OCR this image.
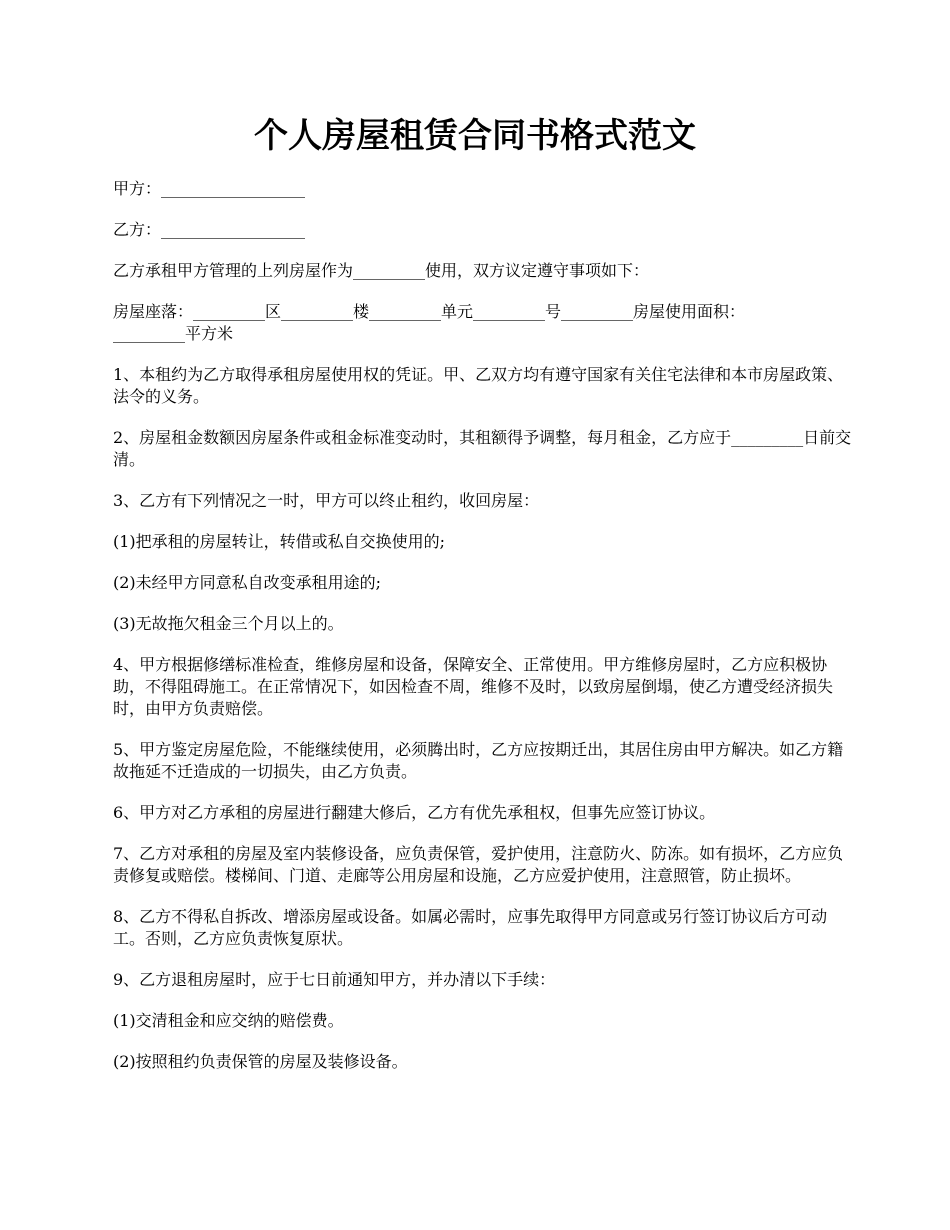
个人房屋租赁合同书格式范文

甲方：__________________

乙方：__________________

乙方承租甲方管理的上列房屋作为_________使用，双方议定遵守事项如下：

房屋座落：_________区_________楼_________单元_________号_________房屋使用面积：
_________平方米

1、本租约为乙方取得承租房屋使用权的凭证。甲、乙双方均有遵守国家有关住宅法律和本市房屋政策、法令的义务。

2、房屋租金数额因房屋条件或租金标准变动时，其租额得予调整，每月租金，乙方应于_________日前交清。

3、乙方有下列情况之一时，甲方可以终止租约，收回房屋：

(1)把承租的房屋转让，转借或私自交换使用的;

(2)未经甲方同意私自改变承租用途的;

(3)无故拖欠租金三个月以上的。

4、甲方根据修缮标准检查，维修房屋和设备，保障安全、正常使用。甲方维修房屋时，乙方应积极协助，不得阻碍施工。在正常情况下，如因检查不周，维修不及时，以致房屋倒塌，使乙方遭受经济损失时，由甲方负责赔偿。

5、甲方鉴定房屋危险，不能继续使用，必须腾出时，乙方应按期迁出，其居住房由甲方解决。如乙方籍故拖延不迁造成的一切损失，由乙方负责。

6、甲方对乙方承租的房屋进行翻建大修后，乙方有优先承租权，但事先应签订协议。

7、乙方对承租的房屋及室内装修设备，应负责保管，爱护使用，注意防火、防冻。如有损坏，乙方应负责修复或赔偿。楼梯间、门道、走廊等公用房屋和设施，乙方应爱护使用，注意照管，防止损坏。

8、乙方不得私自拆改、增添房屋或设备。如属必需时，应事先取得甲方同意或另行签订协议后方可动工。否则，乙方应负责恢复原状。

9、乙方退租房屋时，应于七日前通知甲方，并办清以下手续：

(1)交清租金和应交纳的赔偿费。

(2)按照租约负责保管的房屋及装修设备。
